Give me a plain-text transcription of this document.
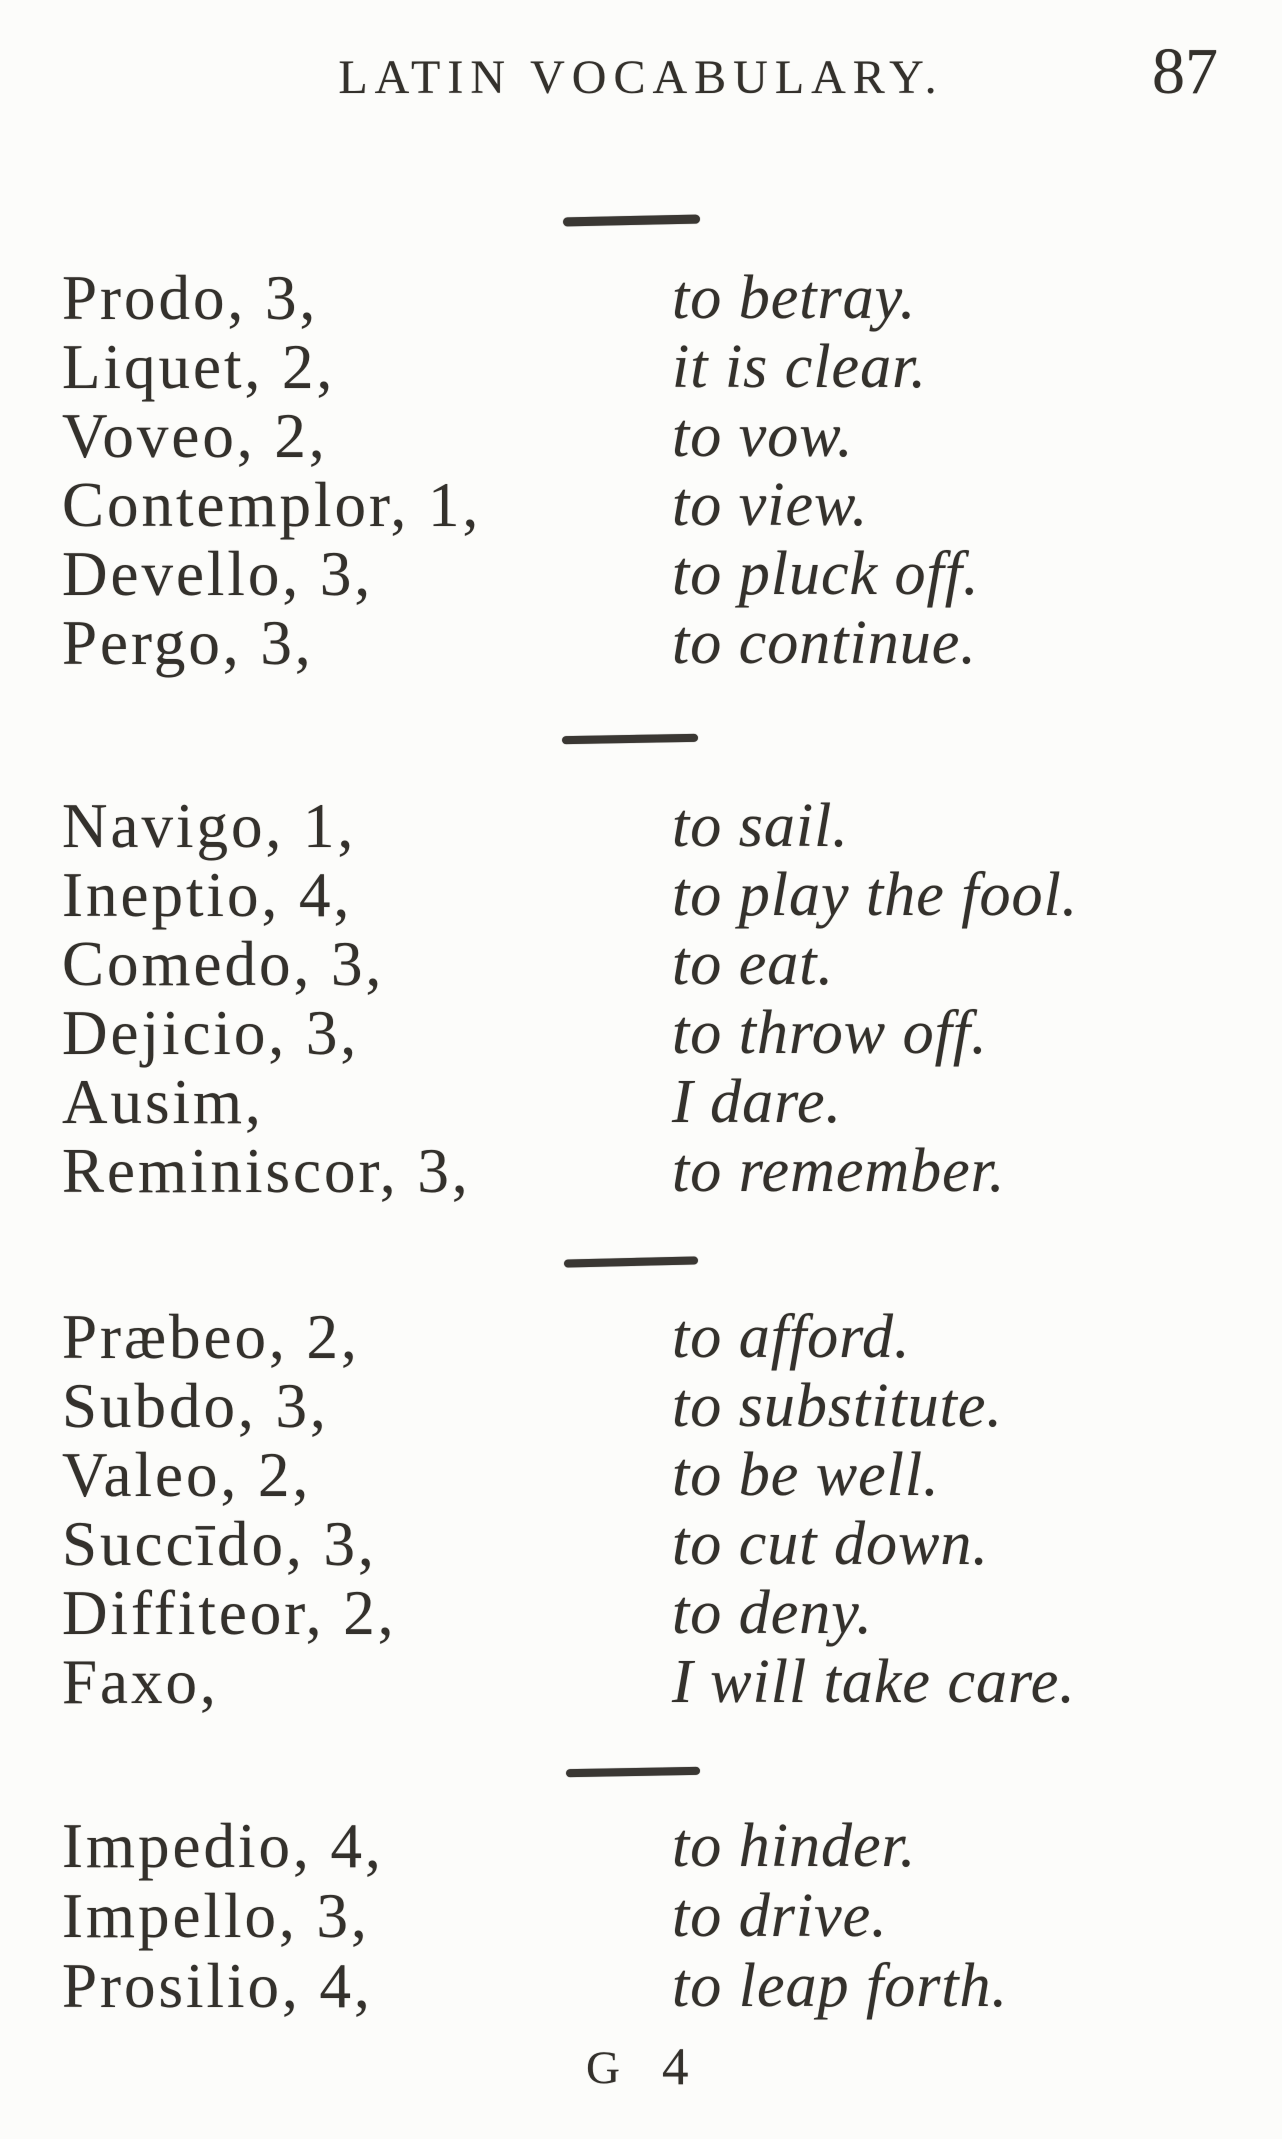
LATIN VOCABULARY.	87
Prodo, 3,	to betray.
Liquet, 2,	it is clear.
Voveo, 2,	to vow.
Contemplor, 1,	to view.
Devello, 3,	to pluck off.
Pergo, 3,	to continue.
Navigo, 1,	to sail.
Ineptio, 4,	to play the fool.
Comedo, 3,	to eat.
Dejicio, 3,	to throw off.
Ausim,	I dare.
Reminiscor, 3,	to remember.
Præbeo, 2,	to afford.
Subdo, 3,	to substitute.
Valeo, 2,	to be well.
Succīdo, 3,	to cut down.
Diffiteor, 2,	to deny.
Faxo,	I will take care.
Impedio, 4,	to hinder.
Impello, 3,	to drive.
Prosilio, 4,	to leap forth.
G 4
